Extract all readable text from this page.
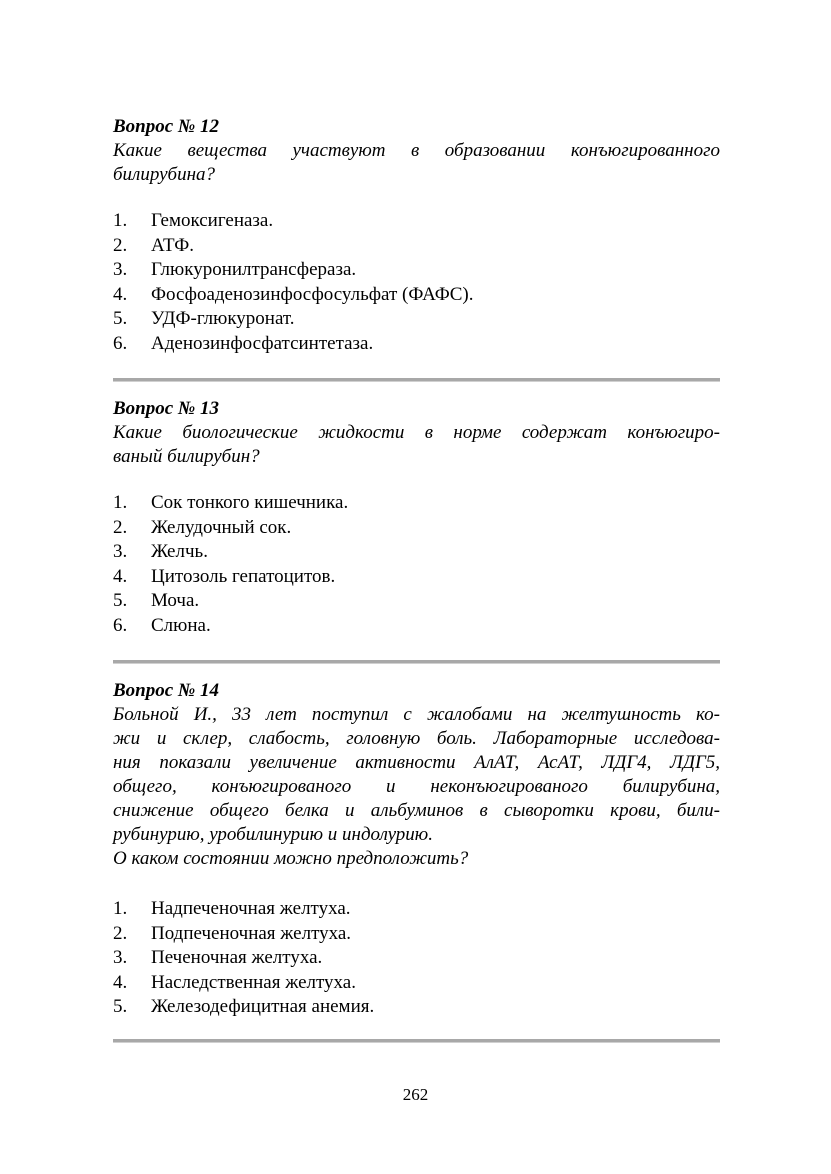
Вопрос № 12

Какие вещества участвуют в образовании конъюгированного
билирубина?
1.	Гемоксигеназа.
2.	АТФ.
3.	Глюкуронилтрансфераза.
4.	Фосфоаденозинфосфосульфат (ФАФС).
5.	УДФ-глюкуронат.
6.	Аденозинфосфатсинтетаза.

Вопрос № 13

Какие биологические жидкости в норме содержат конъюгиро-
ваный билирубин?
1.	Сок тонкого кишечника.
2.	Желудочный сок.
3.	Желчь.
4.	Цитозоль гепатоцитов.
5.	Моча.
6.	Слюна.

Вопрос № 14

Больной И., 33 лет поступил с жалобами на желтушность ко-
жи и склер, слабость, головную боль. Лабораторные исследова-
ния показали увеличение активности АлАТ, АсАТ, ЛДГ4, ЛДГ5,
общего, конъюгированого и неконъюгированого билирубина,
снижение общего белка и альбуминов в сыворотки крови, били-
рубинурию, уробилинурию и индолурию.
О каком состоянии можно предположить?
1.	Надпеченочная желтуха.
2.	Подпеченочная желтуха.
3.	Печеночная желтуха.
4.	Наследственная желтуха.
5.	Железодефицитная анемия.
262
